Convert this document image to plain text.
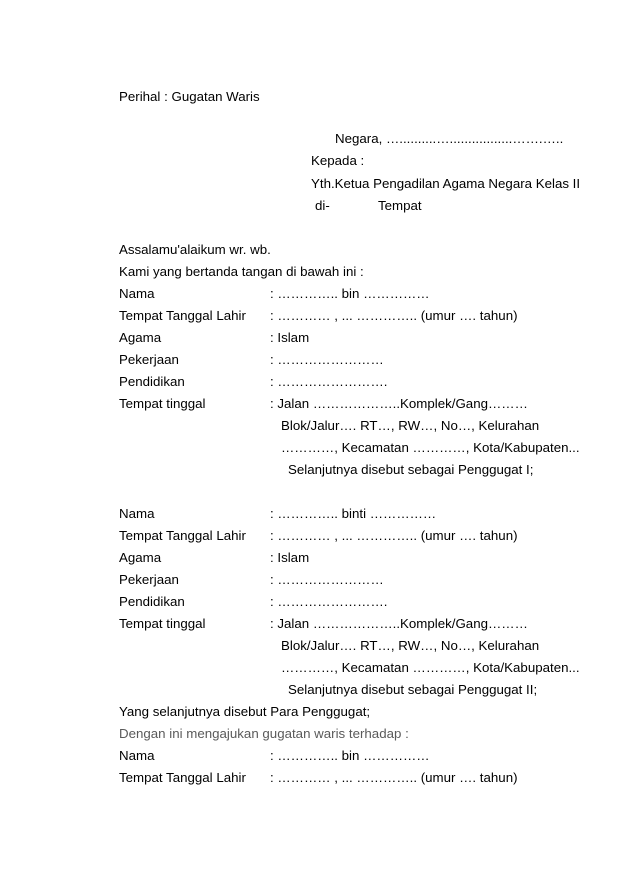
Perihal : Gugatan Waris
Negara, …..........….................…….…..
Kepada :
Yth.Ketua Pengadilan Agama Negara Kelas II
di-	Tempat
Assalamu'alaikum wr. wb.
Kami yang bertanda tangan di bawah ini :
Nama	: ………….. bin ……………
Tempat Tanggal Lahir : ………… , ... ………….. (umur …. tahun)
Agama	: Islam
Pekerjaan	: ……………………
Pendidikan	: …………………….
Tempat tinggal	: Jalan ………………..Komplek/Gang………
Blok/Jalur…. RT…, RW…, No…, Kelurahan
…………, Kecamatan …………, Kota/Kabupaten...
Selanjutnya disebut sebagai Penggugat I;
Nama	: ………….. binti ……………
Tempat Tanggal Lahir : ………… , ... ………….. (umur …. tahun)
Agama	: Islam
Pekerjaan	: ……………………
Pendidikan	: …………………….
Tempat tinggal	: Jalan ………………..Komplek/Gang………
Blok/Jalur…. RT…, RW…, No…, Kelurahan
…………, Kecamatan …………, Kota/Kabupaten...
Selanjutnya disebut sebagai Penggugat II;
Yang selanjutnya disebut Para Penggugat;
Dengan ini mengajukan gugatan waris terhadap :
Nama	: ………….. bin ……………
Tempat Tanggal Lahir : ………… , ... ………….. (umur …. tahun)
